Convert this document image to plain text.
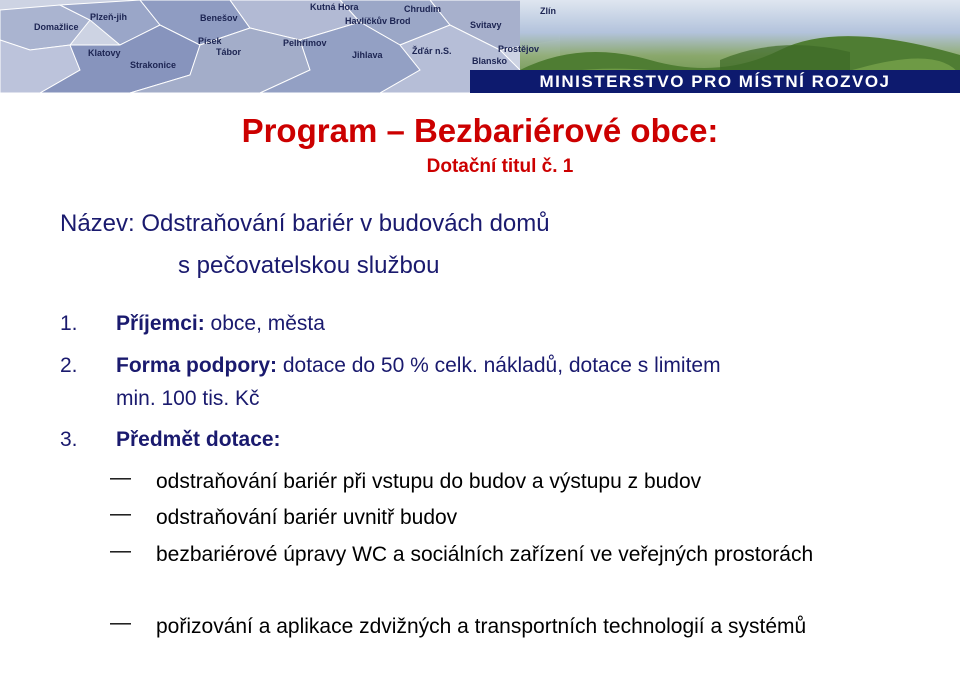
Plzeň-jih	Benešov
Kutná Hora	Chrudim
Domažlice
Havlíčkův Brod	Svitavy
Písek	Pelhřimov
Klatovy	Tábor	Jihlava	Žďár n.S.
Blansko
Prostějov
Strakonice
Zlín
MINISTERSTVO PRO MÍSTNÍ ROZVOJ
Program – Bezbariérové obce:
Dotační titul č. 1
Název: Odstraňování bariér v budovách domů
s pečovatelskou službou
1. Příjemci: obce, města
2. Forma podpory: dotace do 50 % celk. nákladů, dotace s limitem
min. 100 tis. Kč
3. Předmět dotace:
—	odstraňování bariér při vstupu do budov a výstupu z budov
—	odstraňování bariér uvnitř budov
—	bezbariérové úpravy WC a sociálních zařízení ve veřejných prostorách
—	pořizování a aplikace zdvižných a transportních technologií a systémů
